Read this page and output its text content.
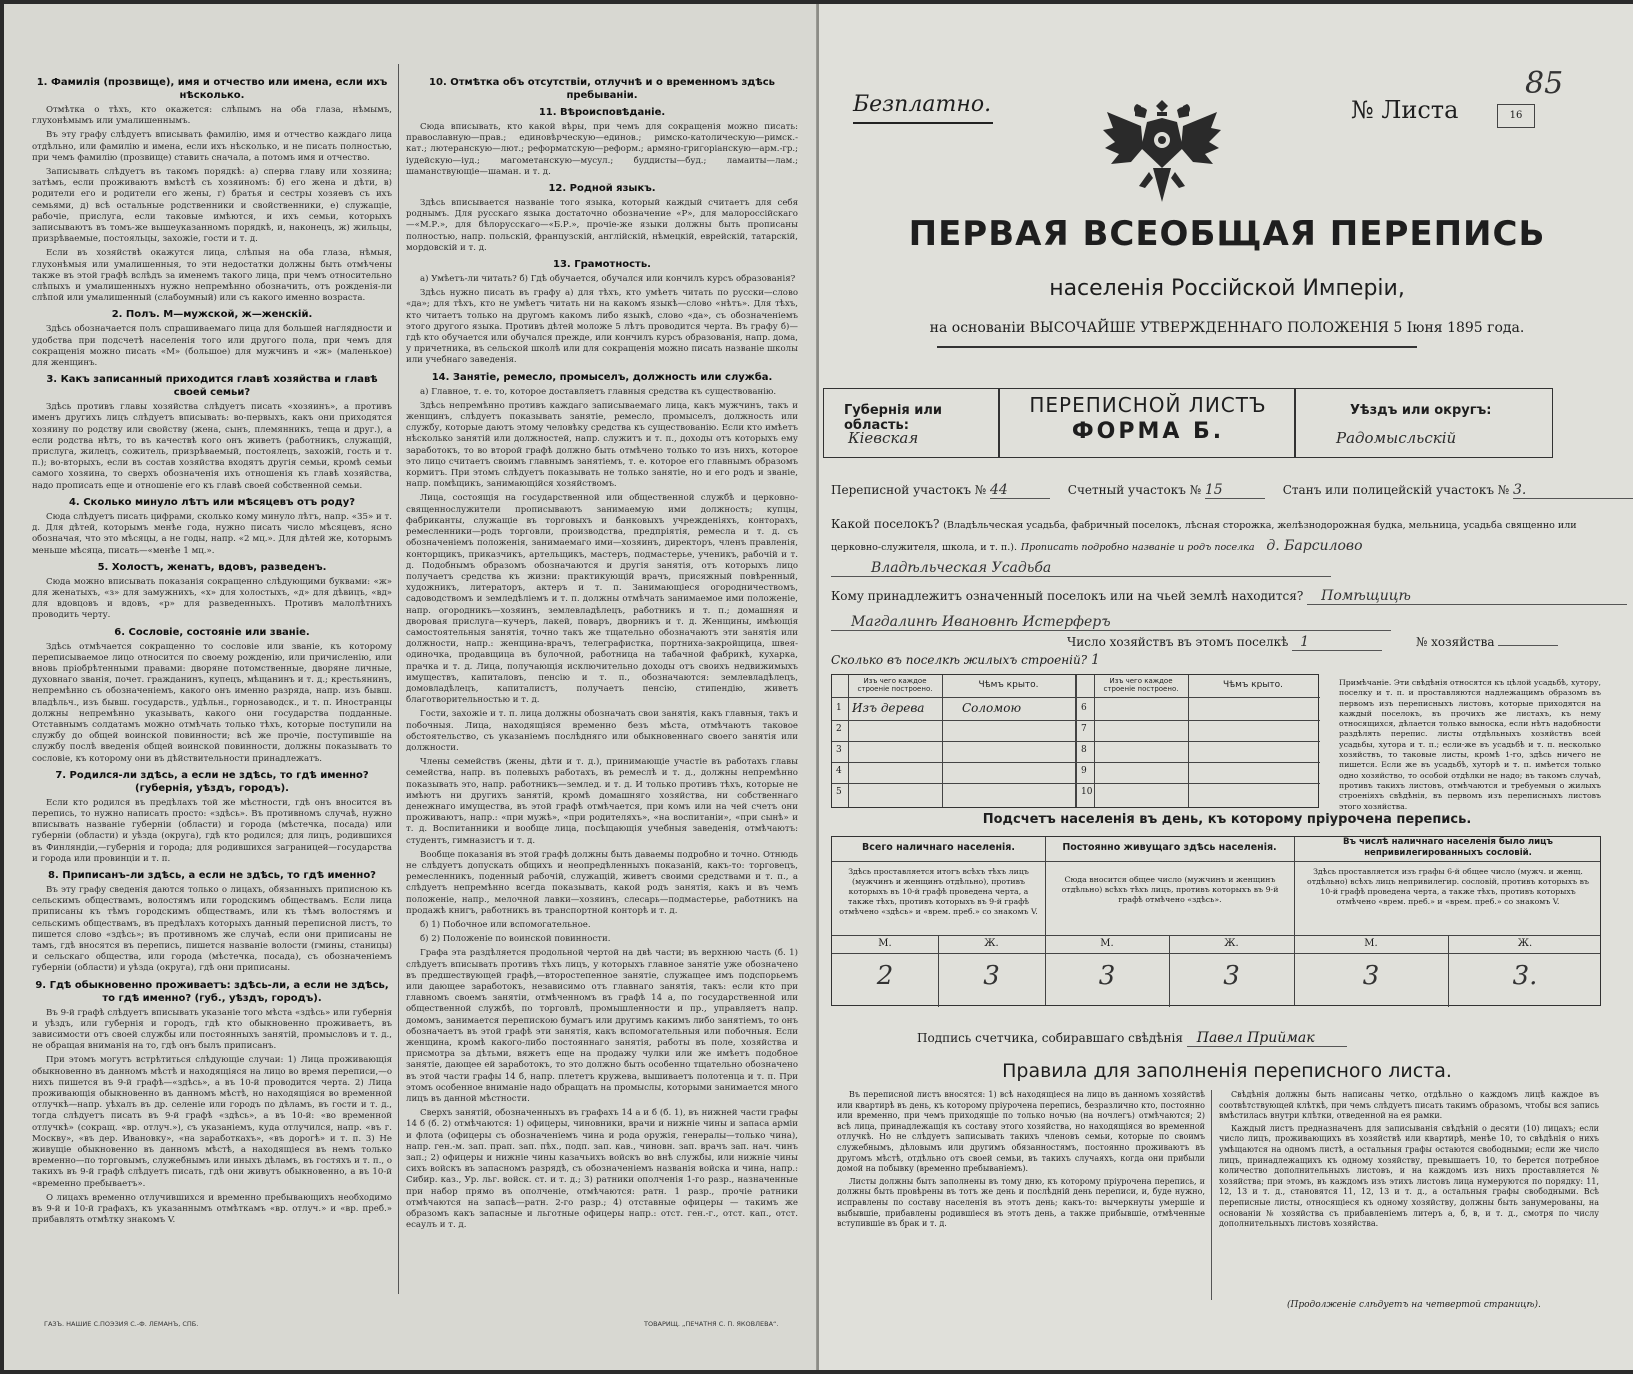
1. Фамилія (прозвище), имя и отчество или имена, если ихъ нѣсколько.

Отмѣтка о тѣхъ, кто окажется: слѣпымъ на оба глаза, нѣмымъ, глухонѣмымъ или умалишеннымъ.

Въ эту графу слѣдуетъ вписывать фамилію, имя и отчество каждаго лица отдѣльно, или фамилію и имена, если ихъ нѣсколько, и не писать полностью, при чемъ фамилію (прозвище) ставить сначала, а потомъ имя и отчество.

Записывать слѣдуетъ въ такомъ порядкѣ: а) сперва главу или хозяина; затѣмъ, если проживаютъ вмѣстѣ съ хозяиномъ: б) его жена и дѣти, в) родители его и родители его жены, г) братья и сестры хозяевъ съ ихъ семьями, д) всѣ остальные родственники и свойственники, е) служащіе, рабочіе, прислуга, если таковые имѣются, и ихъ семьи, которыхъ записываютъ въ томъ-же вышеуказанномъ порядкѣ, и, наконецъ, ж) жильцы, призрѣваемые, постояльцы, захожіе, гости и т. д.

Если въ хозяйствѣ окажутся лица, слѣпыя на оба глаза, нѣмыя, глухонѣмыя или умалишенныя, то эти недостатки должны быть отмѣчены также въ этой графѣ вслѣдъ за именемъ такого лица, при чемъ относительно слѣпыхъ и умалишенныхъ нужно непремѣнно обозначить, отъ рожденія-ли слѣпой или умалишенный (слабоумный) или съ какого именно возраста.

2. Полъ. М—мужской, ж—женскій.

Здѣсь обозначается полъ спрашиваемаго лица для большей наглядности и удобства при подсчетѣ населенія того или другого пола, при чемъ для сокращенія можно писать «М» (большое) для мужчинъ и «ж» (маленькое) для женщинъ.

3. Какъ записанный приходится главѣ хозяйства и главѣ своей семьи?

Здѣсь противъ главы хозяйства слѣдуетъ писать «хозяинъ», а противъ именъ другихъ лицъ слѣдуетъ вписывать: во-первыхъ, какъ они приходятся хозяину по родству или свойству (жена, сынъ, племянникъ, теща и друг.), а если родства нѣтъ, то въ качествѣ кого онъ живетъ (работникъ, служащій, прислуга, жилецъ, сожитель, призрѣваемый, постоялецъ, захожій, гость и т. п.); во-вторыхъ, если въ состав хозяйства входятъ другія семьи, кромѣ семьи самого хозяина, то сверхъ обозначенія ихъ отношенія къ главѣ хозяйства, надо прописать еще и отношеніе его къ главѣ своей собственной семьи.

4. Сколько минуло лѣтъ или мѣсяцевъ отъ роду?

Сюда слѣдуетъ писать цифрами, сколько кому минуло лѣтъ, напр. «35» и т. д. Для дѣтей, которымъ менѣе года, нужно писать число мѣсяцевъ, ясно обозначая, что это мѣсяцы, а не годы, напр. «2 мц.». Для дѣтей же, которымъ меньше мѣсяца, писать—«менѣе 1 мц.».

5. Холостъ, женатъ, вдовъ, разведенъ.

Сюда можно вписывать показанія сокращенно слѣдующими буквами: «ж» для женатыхъ, «з» для замужнихъ, «х» для холостыхъ, «д» для дѣвицъ, «вд» для вдовцовъ и вдовъ, «р» для разведенныхъ. Противъ малолѣтнихъ проводить черту.

6. Сословіе, состояніе или званіе.

Здѣсь отмѣчается сокращенно то сословіе или званіе, къ которому переписываемое лицо относится по своему рожденію, или причисленію, или вновь пріобрѣтенными правами: дворяне потомственные, дворяне личные, духовнаго званія, почет. гражданинъ, купецъ, мѣщанинъ и т. д.; крестьянинъ, непремѣнно съ обозначеніемъ, какого онъ именно разряда, напр. изъ бывш. владѣльч., изъ бывш. государств., удѣльн., горнозаводск., и т. п. Иностранцы должны непремѣнно указывать, какого они государства подданные. Отставнымъ солдатамъ можно отмѣчать только тѣхъ, которые поступили на службу до общей воинской повинности; всѣ же прочіе, поступившіе на службу послѣ введенія общей воинской повинности, должны показывать то сословіе, къ которому они въ дѣйствительности принадлежатъ.

7. Родился-ли здѣсь, а если не здѣсь, то гдѣ именно? (губернія, уѣздъ, городъ).

Если кто родился въ предѣлахъ той же мѣстности, гдѣ онъ вносится въ перепись, то нужно написать просто: «здѣсь». Въ противномъ случаѣ, нужно вписывать названіе губерніи (области) и города (мѣстечка, посада) или губерніи (области) и уѣзда (округа), гдѣ кто родился; для лицъ, родившихся въ Финляндіи,—губернія и города; для родившихся заграницей—государства и города или провинціи и т. п.

8. Приписанъ-ли здѣсь, а если не здѣсь, то гдѣ именно?

Въ эту графу сведенія даются только о лицахъ, обязанныхъ приписною къ сельскимъ обществамъ, волостямъ или городскимъ обществамъ. Если лица приписаны къ тѣмъ городскимъ обществамъ, или къ тѣмъ волостямъ и сельскимъ обществамъ, въ предѣлахъ которыхъ данный переписной листъ, то пишется слово «здѣсь»; въ противномъ же случаѣ, если они приписаны не тамъ, гдѣ вносятся въ перепись, пишется названіе волости (гмины, станицы) и сельскаго общества, или города (мѣстечка, посада), съ обозначеніемъ губерніи (области) и уѣзда (округа), гдѣ они приписаны.

9. Гдѣ обыкновенно проживаетъ: здѣсь-ли, а если не здѣсь, то гдѣ именно? (губ., уѣздъ, городъ).

Въ 9-й графѣ слѣдуетъ вписывать указаніе того мѣста «здѣсь» или губернія и уѣздъ, или губернія и городъ, гдѣ кто обыкновенно проживаетъ, въ зависимости отъ своей службы или постоянныхъ занятій, промысловъ и т. д., не обращая вниманія на то, гдѣ онъ былъ приписанъ.

При этомъ могутъ встрѣтиться слѣдующіе случаи: 1) Лица проживающія обыкновенно въ данномъ мѣстѣ и находящіяся на лицо во время переписи,—о нихъ пишется въ 9-й графѣ—«здѣсь», а въ 10-й проводится черта. 2) Лица проживающія обыкновенно въ данномъ мѣстѣ, но находящіяся во временной отлучкѣ—напр. уѣхалъ въ др. селеніе или городъ по дѣламъ, въ гости и т. д., тогда слѣдуетъ писать въ 9-й графѣ «здѣсь», а въ 10-й: «во временной отлучкѣ» (сокращ. «вр. отлуч.»), съ указаніемъ, куда отлучился, напр. «въ г. Москву», «въ дер. Ивановку», «на заработкахъ», «въ дорогѣ» и т. п. 3) Не живущіе обыкновенно въ данномъ мѣстѣ, а находящіеся въ немъ только временно—по торговымъ, служебнымъ или иныхъ дѣламъ, въ гостяхъ и т. п., о такихъ въ 9-й графѣ слѣдуетъ писать, гдѣ они живутъ обыкновенно, а въ 10-й «временно пребываетъ».

О лицахъ временно отлучившихся и временно пребывающихъ необходимо въ 9-й и 10-й графахъ, къ указаннымъ отмѣткамъ «вр. отлуч.» и «вр. преб.» прибавлять отмѣтку знакомъ V.

10. Отмѣтка объ отсутствіи, отлучнѣ и о временномъ здѣсь пребываніи.
11. Вѣроисповѣданіе.

Сюда вписывать, кто какой вѣры, при чемъ для сокращенія можно писать: православную—прав.; единовѣрческую—единов.; римско-католическую—римск.-кат.; лютеранскую—лют.; реформатскую—реформ.; армяно-григоріанскую—арм.-гр.; іудейскую—іуд.; магометанскую—мусул.; буддисты—буд.; ламаиты—лам.; шаманствующіе—шаман. и т. д.

12. Родной языкъ.

Здѣсь вписывается названіе того языка, который каждый считаетъ для себя роднымъ. Для русскаго языка достаточно обозначение «Р», для малороссійскаго—«М.Р.», для бѣлорусскаго—«Б.Р.», прочіе-же языки должны быть прописаны полностью, напр. польскій, французскій, англійскій, нѣмецкій, еврейскій, татарскій, мордовскій и т. д.

13. Грамотность.

а) Умѣетъ-ли читать? б) Гдѣ обучается, обучался или кончилъ курсъ образованія?

Здѣсь нужно писать въ графу а) для тѣхъ, кто умѣетъ читать по русски—слово «да»; для тѣхъ, кто не умѣетъ читать ни на какомъ языкѣ—слово «нѣтъ». Для тѣхъ, кто читаетъ только на другомъ какомъ либо языкѣ, слово «да», съ обозначеніемъ этого другого языка. Противъ дѣтей моложе 5 лѣтъ проводится черта. Въ графу б)—гдѣ кто обучается или обучался прежде, или кончилъ курсъ образованія, напр. дома, у причетника, въ сельской школѣ или для сокращенія можно писать названіе школы или учебнаго заведенія.

14. Занятіе, ремесло, промыселъ, должность или служба.

а) Главное, т. е. то, которое доставляетъ главныя средства къ существованію.

Здѣсь непремѣнно противъ каждаго записываемаго лица, какъ мужчинъ, такъ и женщинъ, слѣдуетъ показывать занятіе, ремесло, промыселъ, должность или службу, которые даютъ этому человѣку средства къ существованію. Если кто имѣетъ нѣсколько занятій или должностей, напр. служитъ и т. п., доходы отъ которыхъ ему заработокъ, то во второй графѣ должно быть отмѣчено только то изъ нихъ, которое это лицо считаетъ своимъ главнымъ занятіемъ, т. е. которое его главнымъ образомъ кормитъ. При этомъ слѣдуетъ показывать не только занятіе, но и его родъ и званіе, напр. помѣщикъ, занимающійся хозяйствомъ.

Лица, состоящія на государственной или общественной службѣ и церковно-священнослужители прописываютъ занимаемую ими должность; купцы, фабриканты, служащіе въ торговыхъ и банковыхъ учрежденіяхъ, конторахъ, ремесленники—родъ торговли, производства, предпріятія, ремесла и т. д. съ обозначеніемъ положенія, занимаемаго ими—хозяинъ, директоръ, членъ правленія, конторщикъ, приказчикъ, артельщикъ, мастеръ, подмастерье, ученикъ, рабочій и т. д. Подобнымъ образомъ обозначаются и другія занятія, отъ которыхъ лицо получаетъ средства къ жизни: практикующій врачъ, присяжный повѣренный, художникъ, литераторъ, актеръ и т. п. Занимающіеся огородничествомъ, садоводствомъ и земледѣліемъ и т. п. должны отмѣчать занимаемое ими положеніе, напр. огородникъ—хозяинъ, землевладѣлецъ, работникъ и т. п.; домашняя и дворовая прислуга—кучеръ, лакей, поваръ, дворникъ и т. д. Женщины, имѣющія самостоятельныя занятія, точно такъ же тщательно обозначаютъ эти занятія или должности, напр.: женщина-врачъ, телеграфистка, портниха-закройщица, швея-одиночка, продавщица въ булочной, работница на табачной фабрикѣ, кухарка, прачка и т. д. Лица, получающія исключительно доходы отъ своихъ недвижимыхъ имуществъ, капиталовъ, пенсію и т. п., обозначаются: землевладѣлецъ, домовладѣлецъ, капиталистъ, получаетъ пенсію, стипендію, живетъ благотворительностью и т. д.

Гости, захожіе и т. п. лица должны обозначать свои занятія, какъ главныя, такъ и побочныя. Лица, находящіяся временно безъ мѣста, отмѣчаютъ таковое обстоятельство, съ указаніемъ послѣдняго или обыкновеннаго своего занятія или должности.

Члены семействъ (жены, дѣти и т. д.), принимающіе участіе въ работахъ главы семейства, напр. въ полевыхъ работахъ, въ ремеслѣ и т. д., должны непремѣнно показывать это, напр. работникъ—землед. и т. д. И только противъ тѣхъ, которые не имѣютъ ни другихъ занятій, кромѣ домашняго хозяйства, ни собственнаго денежнаго имущества, въ этой графѣ отмѣчается, при комъ или на чей счетъ они проживаютъ, напр.: «при мужѣ», «при родителяхъ», «на воспитаніи», «при сынѣ» и т. д. Воспитанники и вообще лица, посѣщающія учебныя заведенія, отмѣчаютъ: студентъ, гимназистъ и т. д.

Вообще показанія въ этой графѣ должны быть даваемы подробно и точно. Отнюдь не слѣдуетъ допускать общихъ и неопредѣленныхъ показаній, какъ-то: торговецъ, ремесленникъ, поденный рабочій, служащій, живетъ своими средствами и т. п., а слѣдуетъ непремѣнно всегда показывать, какой родъ занятія, какъ и въ чемъ положеніе, напр., мелочной лавки—хозяинъ, слесарь—подмастерье, работникъ на продажѣ книгъ, работникъ въ транспортной конторѣ и т. д.

б) 1) Побочное или вспомогательное.

б) 2) Положеніе по воинской повинности.

Графа эта раздѣляется продольной чертой на двѣ части; въ верхнюю часть (б. 1) слѣдуетъ вписывать противъ тѣхъ лицъ, у которыхъ главное занятіе уже обозначено въ предшествующей графѣ,—второстепенное занятіе, служащее имъ подспорьемъ или дающее заработокъ, независимо отъ главнаго занятія, такъ: если кто при главномъ своемъ занятіи, отмѣченномъ въ графѣ 14 а, по государственной или общественной службѣ, по торговлѣ, промышленности и пр., управляетъ напр. домомъ, занимается перепискою бумагъ или другимъ какимъ либо занятіемъ, то онъ обозначаетъ въ этой графѣ эти занятія, какъ вспомогательныя или побочныя. Если женщина, кромѣ какого-либо постояннаго занятія, работы въ поле, хозяйства и присмотра за дѣтьми, вяжетъ еще на продажу чулки или же имѣетъ подобное занятіе, дающее ей заработокъ, то это должно быть особенно тщательно обозначено въ этой части графы 14 б, напр. плететъ кружева, вышиваетъ полотенца и т. п. При этомъ особенное вниманіе надо обращать на промыслы, которыми занимается много лицъ въ данной мѣстности.

Сверхъ занятій, обозначенныхъ въ графахъ 14 а и б (б. 1), въ нижней части графы 14 б (б. 2) отмѣчаются: 1) офицеры, чиновники, врачи и нижніе чины и запаса арміи и флота (офицеры съ обозначеніемъ чина и рода оружія, генералы—только чина), напр. ген.-м. зап. прап. зап. пѣх., подп. зап. кав., чиновн. зап. врачъ зап. нач. чинъ зап.; 2) офицеры и нижніе чины казачьихъ войскъ во внѣ службы, или нижніе чины сихъ войскъ въ запасномъ разрядѣ, съ обозначеніемъ названія войска и чина, напр.: Сибир. каз., Ур. льг. войск. ст. и т. д.; 3) ратники ополченія 1-го разр., назначенные при набор прямо въ ополченіе, отмѣчаются: ратн. 1 разр., прочіе ратники отмѣчаются на запасѣ—ратн. 2-го разр.; 4) отставные офицеры — такимъ же образомъ какъ запасные и льготные офицеры напр.: отст. ген.-г., отст. кап., отст. есаулъ и т. д.

ГАЗЪ. НАШИЕ С.ПОЭЗИЯ С.-Ф. ЛЕМАНЪ, СПБ.	ТОВАРИЩ. „ПЕЧАТНЯ С. П. ЯКОВЛЕВА“.
Безплатно.
85
№ Листа	16
ПЕРВАЯ ВСЕОБЩАЯ ПЕРЕПИСЬ
населенія Россійской Имперіи,
на основаніи ВЫСОЧАЙШЕ УТВЕРЖДЕННАГО ПОЛОЖЕНІЯ 5 Іюня 1895 года.
Губернія или область:
Кіевская
ПЕРЕПИСНОЙ ЛИСТЪ
ФОРМА Б.
Уѣздъ или округъ:
Радомысльскій
Переписной участокъ № 44	Счетный участокъ № 15	Станъ или полицейскій участокъ № 3.
Какой поселокъ? (Владѣльческая усадьба, фабричный поселокъ, лѣсная сторожка, желѣзнодорожная будка, мельница, усадьба священно или церковно-служителя, школа, и т. п.). Прописать подробно названіе и родъ поселка д. Барсилово
Владѣльческая Усадьба
Кому принадлежитъ означенный поселокъ или на чьей землѣ находится? Помѣщицѣ
Магдалинѣ Ивановнѣ Истерферъ
Число хозяйствъ въ этомъ поселкѣ 1	№ хозяйства
Сколько въ поселкѣ жилыхъ строеній? 1
Изъ чего каждое строеніе построено.	Чѣмъ крыто.	Изъ чего каждое строеніе построено.	Чѣмъ крыто.
1 Изъ дерева	Соломою
2
3
4
5
6
7
8
9
10
Примѣчаніе. Эти свѣдѣнія относятся къ цѣлой усадьбѣ, хутору, поселку и т. п. и проставляются надлежащимъ образомъ въ первомъ изъ переписныхъ листовъ, которые приходятся на каждый поселокъ, въ прочихъ же листахъ, къ нему относящихся, дѣлается только выноска, если нѣтъ надобности раздѣлять перепис. листы отдѣльныхъ хозяйствъ всей усадьбы, хутора и т. п.; если-же въ усадьбѣ и т. п. несколько хозяйствъ, то таковые листы, кромѣ 1-го, здѣсь ничего не пишется. Если же въ усадьбѣ, хуторѣ и т. п. имѣется только одно хозяйство, то особой отдѣлки не надо; въ такомъ случаѣ, противъ такихъ листовъ, отмѣчаются и требуемыя о жилыхъ строеніяхъ свѣдѣнія, въ первомъ изъ переписныхъ листовъ этого хозяйства.
Подсчетъ населенія въ день, къ которому пріурочена перепись.
Всего наличнаго населенія.	Постоянно живущаго здѣсь населенія.	Въ числѣ наличнаго населенія было лицъ непривилегированныхъ сословій.
Здѣсь проставляется итогъ всѣхъ тѣхъ лицъ (мужчинъ и женщинъ отдѣльно), противъ которыхъ въ 10-й графѣ проведена черта, а также тѣхъ, противъ которыхъ въ 9-й графѣ отмѣчено «здѣсь» и «врем. преб.» со знакомъ V.
Сюда вносится общее число (мужчинъ и женщинъ отдѣльно) всѣхъ тѣхъ лицъ, противъ которыхъ въ 9-й графѣ отмѣчено «здѣсь».
Здѣсь проставляется изъ графы 6-й общее число (мужч. и женщ. отдѣльно) всѣхъ лицъ непривилегир. сословій, противъ которыхъ въ 10-й графѣ проведена черта, а также тѣхъ, противъ которыхъ отмѣчено «врем. преб.» и «врем. преб.» со знакомъ V.
М.	Ж.	М.	Ж.	М.	Ж.
2	3	3	3	3	3.
Подпись счетчика, собиравшаго свѣдѣнія Павел Приймак
Правила для заполненія переписного листа.

Въ переписной листъ вносятся: 1) всѣ находящіеся на лицо въ данномъ хозяйствѣ или квартирѣ въ день, къ которому пріурочена перепись, безразлично кто, постоянно или временно, при чемъ приходящіе по только ночью (на ночлегъ) отмѣчаются; 2) всѣ лица, принадлежащія къ составу этого хозяйства, но находящіяся во временной отлучкѣ. Но не слѣдуетъ записывать такихъ членовъ семьи, которые по своимъ служебнымъ, дѣловымъ или другимъ обязанностямъ, постоянно проживаютъ въ другомъ мѣстѣ, отдѣльно отъ своей семьи, въ такихъ случаяхъ, когда они прибыли домой на побывку (временно пребываніемъ).

Листы должны быть заполнены въ тому дню, къ которому пріурочена перепись, и должны быть провѣрены въ тотъ же день и послѣдній день переписи, и, буде нужно, исправлены по составу населенія въ этотъ день; какъ-то: вычеркнуты умершіе и выбывшіе, прибавлены родившіеся въ этотъ день, а также прибывшіе, отмѣченные вступившіе въ брак и т. д.

Свѣдѣнія должны быть написаны четко, отдѣльно о каждомъ лицѣ каждое въ соотвѣтствующей клѣткѣ, при чемъ слѣдуетъ писать такимъ образомъ, чтобы вся запись вмѣстилась внутри клѣтки, отведенной на ея рамки.

Каждый листъ предназначенъ для записыванія свѣдѣній о десяти (10) лицахъ; если число лицъ, проживающихъ въ хозяйствѣ или квартирѣ, менѣе 10, то свѣдѣнія о нихъ умѣщаются на одномъ листѣ, а остальныя графы остаются свободными; если же число лицъ, принадлежащихъ къ одному хозяйству, превышаетъ 10, то берется потребное количество дополнительныхъ листовъ, и на каждомъ изъ нихъ проставляется № хозяйства; при этомъ, въ каждомъ изъ этихъ листовъ лица нумеруются по порядку: 11, 12, 13 и т. д., становятся 11, 12, 13 и т. д., а остальныя графы свободными. Всѣ переписные листы, относящіеся къ одному хозяйству, должны быть занумерованы, на основаніи № хозяйства съ прибавленіемъ литеръ а, б, в, и т. д., смотря по числу дополнительныхъ листовъ хозяйства.

(Продолженіе слѣдуетъ на четвертой страницѣ).
